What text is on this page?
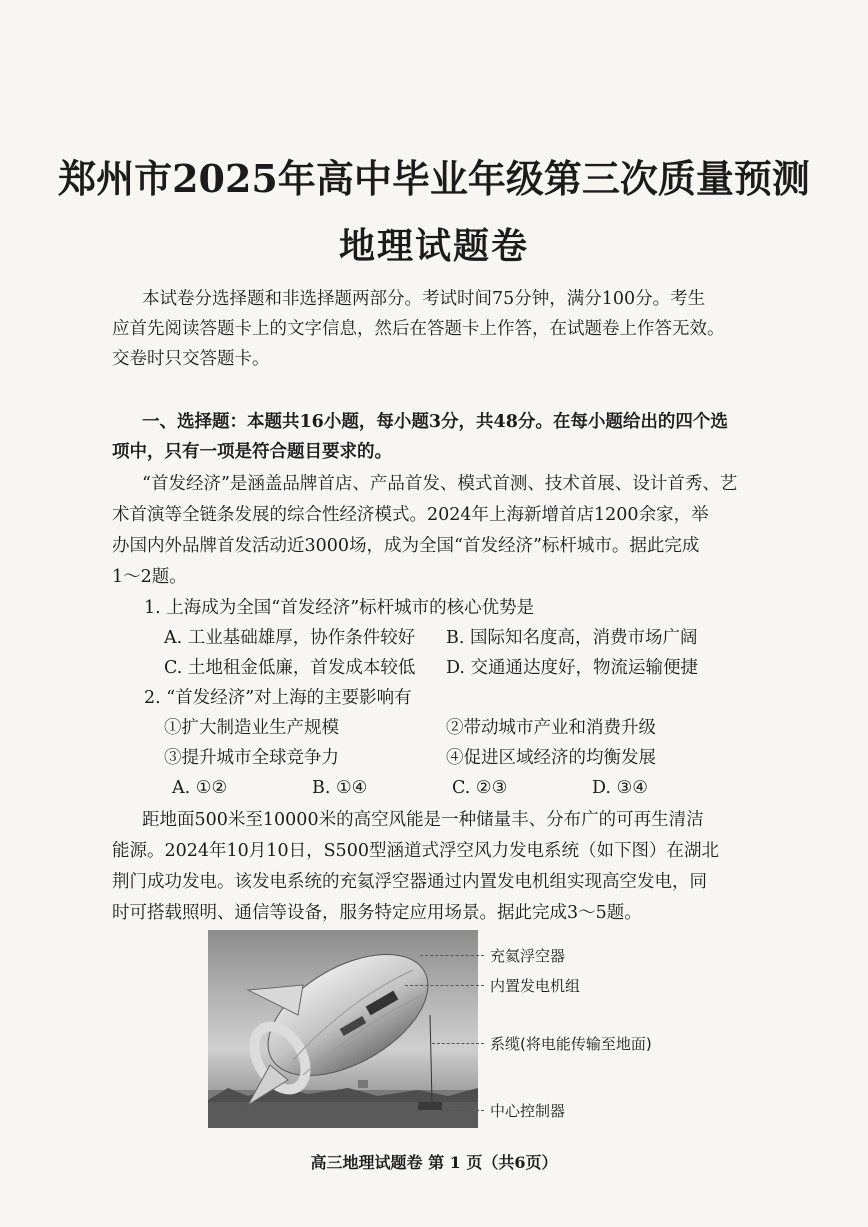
郑州市2025年高中毕业年级第三次质量预测
地理试题卷
本试卷分选择题和非选择题两部分。考试时间75分钟，满分100分。考生
应首先阅读答题卡上的文字信息，然后在答题卡上作答，在试题卷上作答无效。
交卷时只交答题卡。
一、选择题：本题共16小题，每小题3分，共48分。在每小题给出的四个选
项中，只有一项是符合题目要求的。
“首发经济”是涵盖品牌首店、产品首发、模式首测、技术首展、设计首秀、艺
术首演等全链条发展的综合性经济模式。2024年上海新增首店1200余家，举
办国内外品牌首发活动近3000场，成为全国“首发经济”标杆城市。据此完成
1～2题。
1. 上海成为全国“首发经济”标杆城市的核心优势是
A. 工业基础雄厚，协作条件较好 B. 国际知名度高，消费市场广阔
C. 土地租金低廉，首发成本较低 D. 交通通达度好，物流运输便捷
2. “首发经济”对上海的主要影响有
①扩大制造业生产规模	②带动城市产业和消费升级
③提升城市全球竞争力	④促进区域经济的均衡发展
A. ①②	B. ①④	C. ②③	D. ③④
距地面500米至10000米的高空风能是一种储量丰、分布广的可再生清洁
能源。2024年10月10日，S500型涵道式浮空风力发电系统（如下图）在湖北
荆门成功发电。该发电系统的充氦浮空器通过内置发电机组实现高空发电，同
时可搭载照明、通信等设备，服务特定应用场景。据此完成3～5题。
充氦浮空器
内置发电机组
系缆(将电能传输至地面)
中心控制器
高三地理试题卷 第 1 页（共6页）
